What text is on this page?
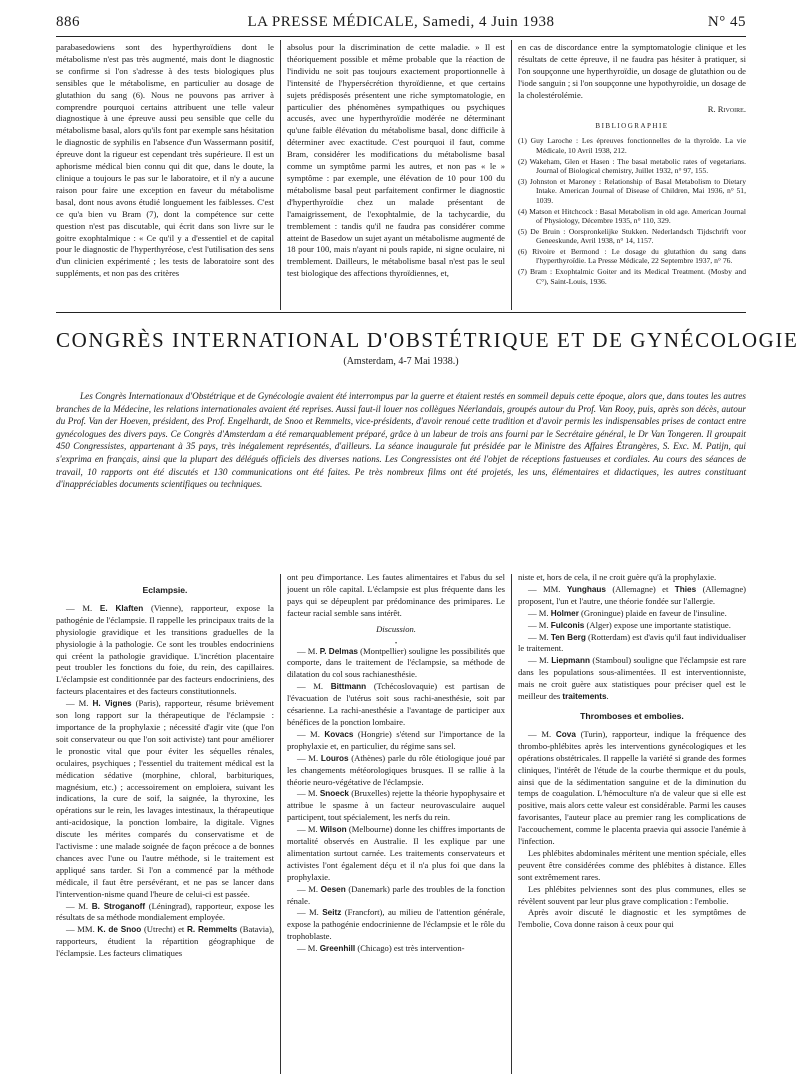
886	LA PRESSE MÉDICALE, Samedi, 4 Juin 1938	N° 45

parabasedowiens sont des hyperthyroïdiens dont le métabolisme n'est pas très augmenté, mais dont le diagnostic se confirme si l'on s'adresse à des tests biologiques plus sensibles que le métabolisme, en particulier au dosage de glutathion du sang (6). Nous ne pouvons pas arriver à comprendre pourquoi certains attribuent une telle valeur diagnostique à une épreuve aussi peu sensible que celle du métabolisme basal, alors qu'ils font par exemple sans hésitation le diagnostic de syphilis en l'absence d'un Wassermann positif, épreuve dont la rigueur est cependant très supérieure. Il est un aphorisme médical bien connu qui dit que, dans le doute, la clinique a toujours le pas sur le laboratoire, et il n'y a aucune raison pour faire une exception en faveur du métabolisme basal, dont nous avons étudié longuement les faiblesses. C'est ce qu'a bien vu Bram (7), dont la compétence sur cette question n'est pas discutable, qui écrit dans son livre sur le goitre exophtalmique : « Ce qu'il y a d'essentiel et de capital pour le diagnostic de l'hyperthyréose, c'est l'utilisation des sens d'un clinicien expérimenté ; les tests de laboratoire sont des suppléments, et non pas des critères

absolus pour la discrimination de cette maladie. » Il est théoriquement possible et même probable que la réaction de l'individu ne soit pas toujours exactement proportionnelle à l'intensité de l'hypersécrétion thyroïdienne, et que certains sujets prédisposés présentent une riche symptomatologie, en particulier des phénomènes sympathiques ou psychiques accusés, avec une hyperthyroïdie modérée ne déterminant qu'une faible élévation du métabolisme basal, donc difficile à déterminer avec exactitude. C'est pourquoi il faut, comme Bram, considérer les modifications du métabolisme basal comme un symptôme parmi les autres, et non pas « le » symptôme : par exemple, une élévation de 10 pour 100 du métabolisme basal peut parfaitement confirmer le diagnostic d'hyperthyroïdie chez un malade présentant de l'amaigrissement, de l'exophtalmie, de la tachycardie, du tremblement : tandis qu'il ne faudra pas considérer comme atteint de Basedow un sujet ayant un métabolisme augmenté de 18 pour 100, mais n'ayant ni pouls rapide, ni signe oculaire, ni tremblement. Dailleurs, le métabolisme basal n'est pas le seul test biologique des affections thyroïdiennes, et,

en cas de discordance entre la symptomatologie clinique et les résultats de cette épreuve, il ne faudra pas hésiter à pratiquer, si l'on soupçonne une hyperthyroïdie, un dosage de glutathion ou de l'iode sanguin ; si l'on soupçonne une hypothyroïdie, un dosage de la cholestérolémie.

R. Rivoire.
BIBLIOGRAPHIE
(1) Guy Laroche : Les épreuves fonctionnelles de la thyroïde. La vie Médicale, 10 Avril 1938, 212.
(2) Wakeham, Glen et Hasen : The basal metabolic rates of vegetarians. Journal of Biological chemistry, Juillet 1932, n° 97, 155.
(3) Johnston et Maroney : Relationship of Basal Metabolism to Dietary Intake. American Journal of Disease of Children, Mai 1936, n° 51, 1039.
(4) Matson et Hitchcock : Basal Metabolism in old age. American Journal of Physiology, Décembre 1935, n° 110, 329.
(5) De Bruin : Oorspronkelijke Stukken. Nederlandsch Tijdschrift voor Geneeskunde, Avril 1938, n° 14, 1157.
(6) Rivoire et Bermond : Le dosage du glutathion du sang dans l'hyperthyroïdie. La Presse Médicale, 22 Septembre 1937, n° 76.
(7) Bram : Exophtalmic Goiter and its Medical Treatment. (Mosby and C°), Saint-Louis, 1936.
CONGRÈS INTERNATIONAL D'OBSTÉTRIQUE ET DE GYNÉCOLOGIE
(Amsterdam, 4-7 Mai 1938.)

Les Congrès Internationaux d'Obstétrique et de Gynécologie avaient été interrompus par la guerre et étaient restés en sommeil depuis cette époque, alors que, dans toutes les autres branches de la Médecine, les relations internationales avaient été reprises. Aussi faut-il louer nos collègues Néerlandais, groupés autour du Prof. Van Rooy, puis, après son décès, autour du Prof. Van der Hoeven, président, des Prof. Engelhardt, de Snoo et Remmelts, vice-présidents, d'avoir renoué cette tradition et d'avoir permis les indispensables prises de contact entre gynécologues des divers pays. Ce Congrès d'Amsterdam a été remarquablement préparé, grâce à un labeur de trois ans fourni par le Secrétaire général, le Dr Van Tongeren. Il groupait 450 Congressistes, appartenant à 35 pays, très inégalement représentés, d'ailleurs. La séance inaugurale fut présidée par le Ministre des Affaires Étrangères, S. Exc. M. Patijn, qui s'exprima en français, ainsi que la plupart des délégués officiels des diverses nations. Les Congressistes ont été l'objet de réceptions fastueuses et cordiales. Au cours des séances de travail, 10 rapports ont été discutés et 130 communications ont été faites. Pe très nombreux films ont été projetés, les uns, élémentaires et didactiques, les autres constituant d'inappréciables documents scientifiques ou techniques.

Eclampsie.

— M. E. Klaften (Vienne), rapporteur, expose la pathogénie de l'éclampsie. Il rappelle les principaux traits de la physiologie gravidique et les transitions graduelles de la physiologie à la pathologie. Ce sont les troubles endocriniens qui créent la pathologie gravidique. L'incrétion placentaire peut troubler les fonctions du foie, du rein, des capillaires. L'éclampsie est conditionnée par des facteurs endocriniens, des facteurs placentaires et des facteurs constitutionnels.

— M. H. Vignes (Paris), rapporteur, résume brièvement son long rapport sur la thérapeutique de l'éclampsie : importance de la prophylaxie ; nécessité d'agir vite (que l'on soit conservateur ou que l'on soit activiste) tant pour améliorer le pronostic vital que pour éviter les séquelles rénales, oculaires, psychiques ; l'essentiel du traitement médical est la médication sédative (morphine, chloral, barbituriques, magnésium, etc.) ; accessoirement on emploiera, suivant les indications, la cure de soif, la saignée, la thyroxine, les opérations sur le rein, les lavages intestinaux, la thérapeutique anti-acidosique, la ponction lombaire, la digitale. Vignes discute les mérites comparés du conservatisme et de l'activisme : une malade soignée de façon précoce a de bonnes chances avec l'une ou l'autre méthode, si le traitement est appliqué sans tarder. Si l'on a commencé par la méthode médicale, il faut être persévérant, et ne pas se lancer dans l'intervention-nisme quand l'heure de celui-ci est passée.

— M. B. Stroganoff (Léningrad), rapporteur, expose les résultats de sa méthode mondialement employée.

— MM. K. de Snoo (Utrecht) et R. Remmelts (Batavia), rapporteurs, étudient la répartition géographique de l'éclampsie. Les facteurs climatiques

ont peu d'importance. Les fautes alimentaires et l'abus du sel jouent un rôle capital. L'éclampsie est plus fréquente dans les pays qui se dépeuplent par prédominance des primipares. Le facteur racial semble sans intérêt.

Discussion.
•

— M. P. Delmas (Montpellier) souligne les possibilités que comporte, dans le traitement de l'éclampsie, sa méthode de dilatation du col sous rachianesthésie.

— M. Bittmann (Tchécoslovaquie) est partisan de l'évacuation de l'utérus soit sous rachi-anesthésie, soit par césarienne. La rachi-anesthésie a l'avantage de participer aux bénéfices de la ponction lombaire.

— M. Kovacs (Hongrie) s'étend sur l'importance de la prophylaxie et, en particulier, du régime sans sel.

— M. Louros (Athènes) parle du rôle étiologique joué par les changements météorologiques brusques. Il se rallie à la théorie neuro-végétative de l'éclampsie.

— M. Snoeck (Bruxelles) rejette la théorie hypophysaire et attribue le spasme à un facteur neurovasculaire auquel participent, tout spécialement, les nerfs du rein.

— M. Wilson (Melbourne) donne les chiffres importants de mortalité observés en Australie. Il les explique par une alimentation surtout carnée. Les traitements conservateurs et activistes l'ont également déçu et il n'a plus foi que dans la prophylaxie.

— M. Oesen (Danemark) parle des troubles de la fonction rénale.

— M. Seitz (Francfort), au milieu de l'attention générale, expose la pathogénie endocrinienne de l'éclampsie et le rôle du trophoblaste.

— M. Greenhill (Chicago) est très intervention-

niste et, hors de cela, il ne croit guère qu'à la prophylaxie.

— MM. Yunghaus (Allemagne) et Thies (Allemagne) proposent, l'un et l'autre, une théorie fondée sur l'allergie.

— M. Holmer (Groningue) plaide en faveur de l'insuline.

— M. Fulconis (Alger) expose une importante statistique.

— M. Ten Berg (Rotterdam) est d'avis qu'il faut individualiser le traitement.

— M. Liepmann (Stamboul) souligne que l'éclampsie est rare dans les populations sous-alimentées. Il est interventionniste, mais ne croit guère aux statistiques pour préciser quel est le meilleur des traitements.

Thromboses et embolies.

— M. Cova (Turin), rapporteur, indique la fréquence des thrombo-phlébites après les interventions gynécologiques et les opérations obstétricales. Il rappelle la variété si grande des formes cliniques, l'intérêt de l'étude de la courbe thermique et du pouls, ainsi que de la sédimentation sanguine et de la diminution du temps de coagulation. L'hémoculture n'a de valeur que si elle est positive, mais alors cette valeur est considérable. Parmi les causes favorisantes, l'auteur place au premier rang les complications de l'accouchement, comme le placenta praevia qui associe l'anémie à l'infection.

Les phlébites abdominales méritent une mention spéciale, elles peuvent être considérées comme des phlébites à distance. Elles sont extrêmement rares.

Les phlébites pelviennes sont des plus communes, elles se révèlent souvent par leur plus grave complication : l'embolie.

Après avoir discuté le diagnostic et les symptômes de l'embolie, Cova donne raison à ceux pour qui
